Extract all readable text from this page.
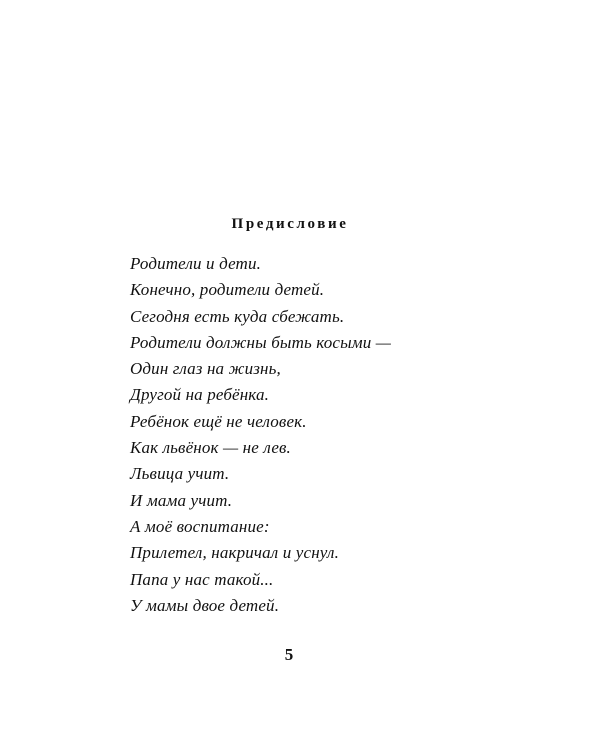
Предисловие
Родители и дети.
Конечно, родители детей.
Сегодня есть куда сбежать.
Родители должны быть косыми —
Один глаз на жизнь,
Другой на ребёнка.
Ребёнок ещё не человек.
Как львёнок — не лев.
Львица учит.
И мама учит.
А моё воспитание:
Прилетел, накричал и уснул.
Папа у нас такой...
У мамы двое детей.
5
